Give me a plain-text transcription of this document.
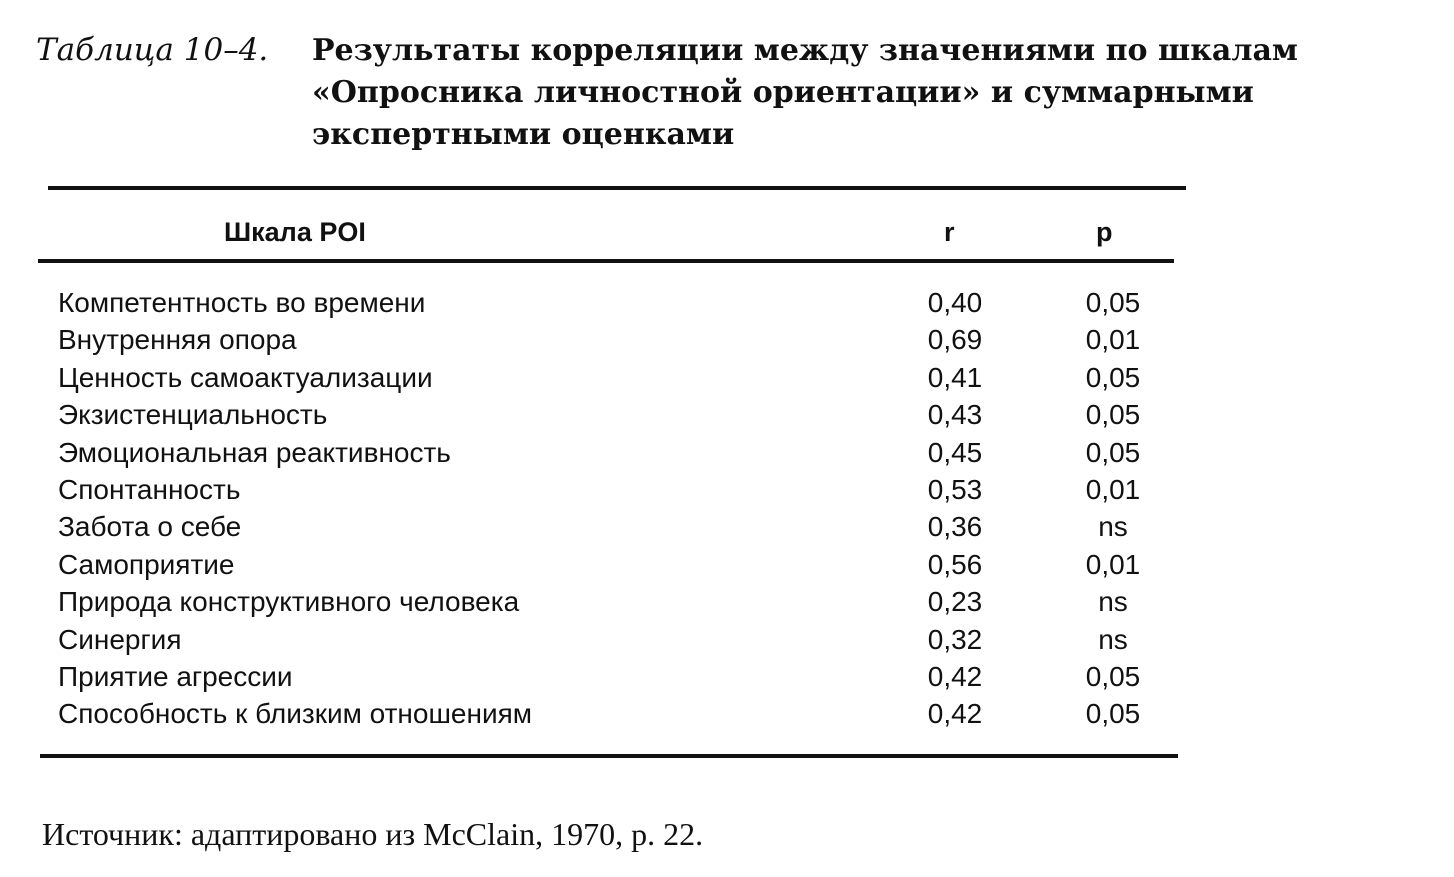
Таблица 10–4. Результаты корреляции между значениями по шкалам
«Опросника личностной ориентации» и суммарными
экспертными оценками
Шкала POI	r	p
Компетентность во времени	0,40	0,05
Внутренняя опора	0,69	0,01
Ценность самоактуализации	0,41	0,05
Экзистенциальность	0,43	0,05
Эмоциональная реактивность	0,45	0,05
Спонтанность	0,53	0,01
Забота о себе	0,36	ns
Самоприятие	0,56	0,01
Природа конструктивного человека	0,23	ns
Синергия	0,32	ns
Приятие агрессии	0,42	0,05
Способность к близким отношениям	0,42	0,05
Источник: адаптировано из McClain, 1970, р. 22.
